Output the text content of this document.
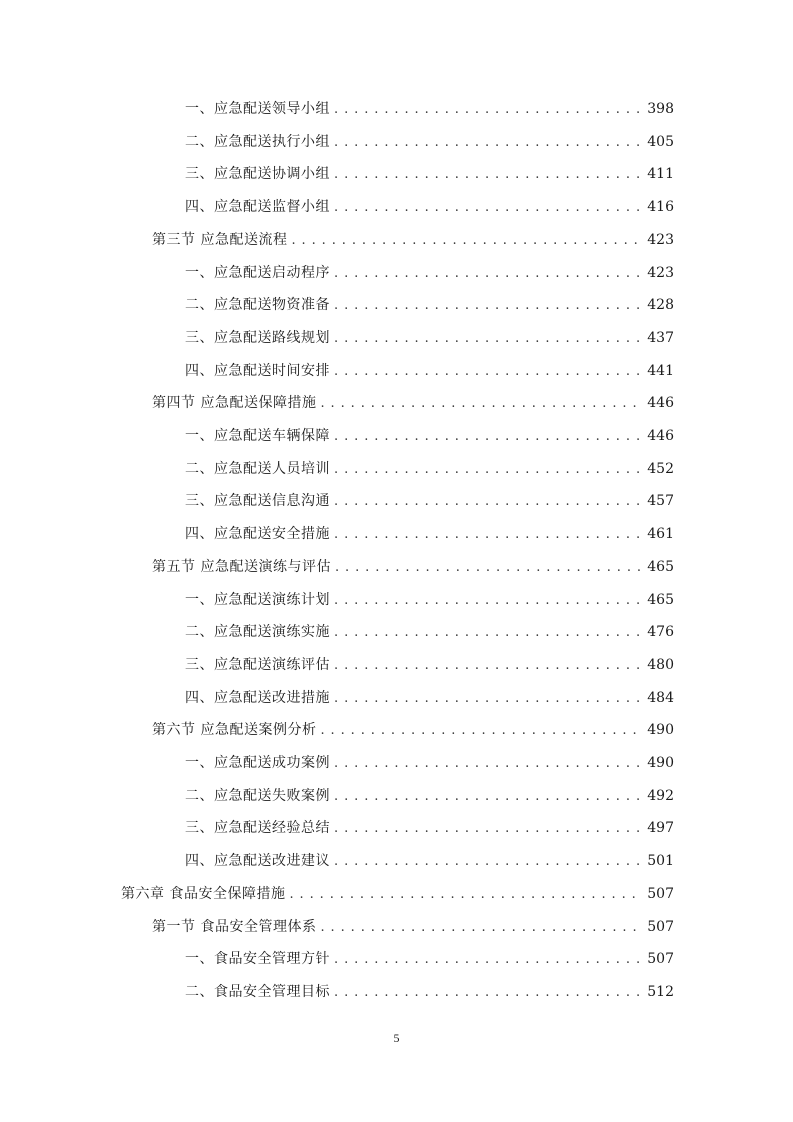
一、应急配送领导小组 . . .	398
二、应急配送执行小组 . . .	405
三、应急配送协调小组 . . .	411
四、应急配送监督小组 . . .	416
第三节 应急配送流程 . . .	423
一、应急配送启动程序 . . .	423
二、应急配送物资准备 . . .	428
三、应急配送路线规划 . . .	437
四、应急配送时间安排 . . .	441
第四节 应急配送保障措施 . . .	446
一、应急配送车辆保障 . . .	446
二、应急配送人员培训 . . .	452
三、应急配送信息沟通 . . .	457
四、应急配送安全措施 . . .	461
第五节 应急配送演练与评估 . . .	465
一、应急配送演练计划 . . .	465
二、应急配送演练实施 . . .	476
三、应急配送演练评估 . . .	480
四、应急配送改进措施 . . .	484
第六节 应急配送案例分析 . . .	490
一、应急配送成功案例 . . .	490
二、应急配送失败案例 . . .	492
三、应急配送经验总结 . . .	497
四、应急配送改进建议 . . .	501
第六章 食品安全保障措施 . . .	507
第一节 食品安全管理体系 . . .	507
一、食品安全管理方针 . . .	507
二、食品安全管理目标 . . .	512
5
